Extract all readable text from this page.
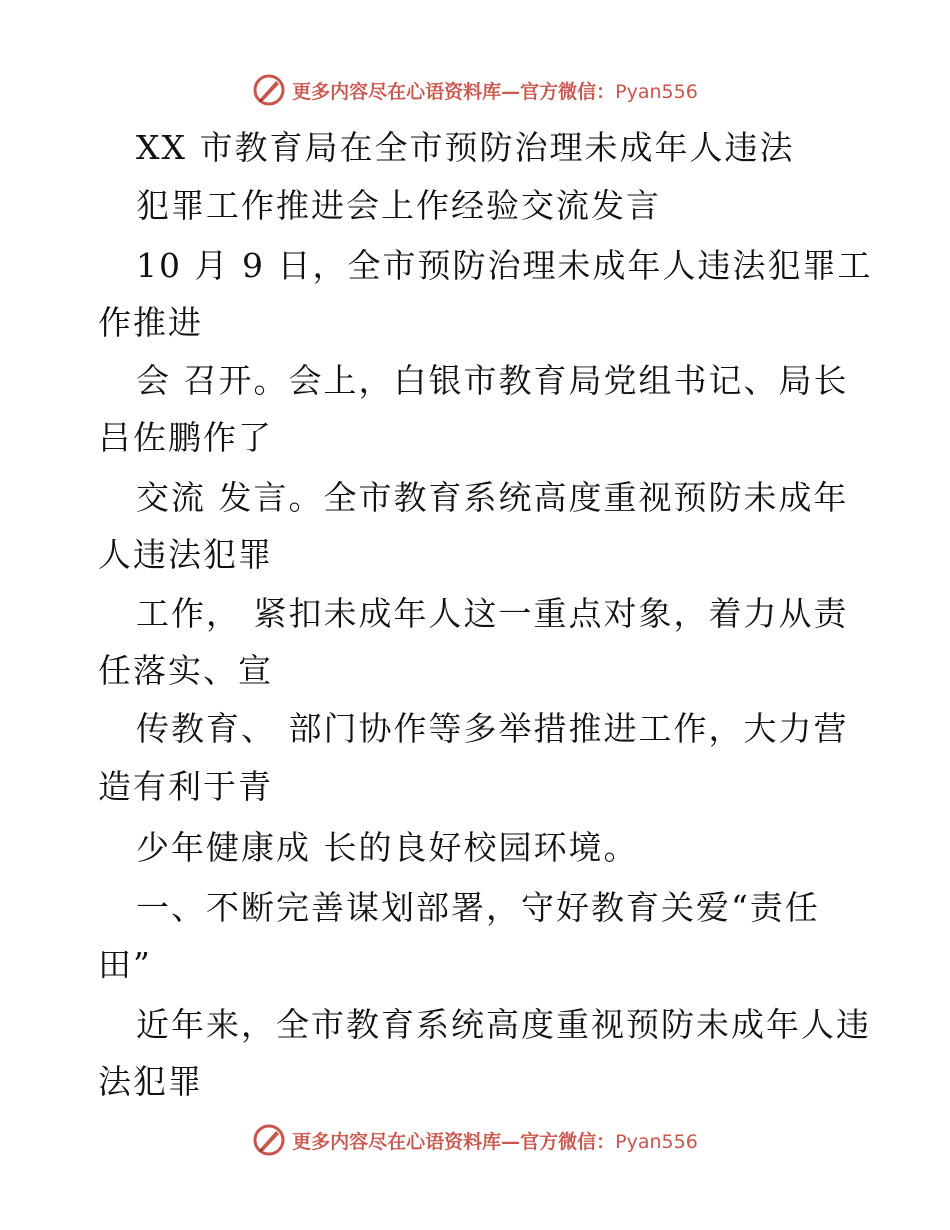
更多内容尽在心语资料库—官方微信：Pyan556
XX 市教育局在全市预防治理未成年人违法
犯罪工作推进会上作经验交流发言
10 月 9 日，全市预防治理未成年人违法犯罪工
作推进
会 召开。会上，白银市教育局党组书记、局长
吕佐鹏作了
交流 发言。全市教育系统高度重视预防未成年
人违法犯罪
工作， 紧扣未成年人这一重点对象，着力从责
任落实、宣
传教育、 部门协作等多举措推进工作，大力营
造有利于青
少年健康成 长的良好校园环境。
一、不断完善谋划部署，守好教育关爱“责任
田”
近年来，全市教育系统高度重视预防未成年人违
法犯罪
更多内容尽在心语资料库—官方微信：Pyan556
